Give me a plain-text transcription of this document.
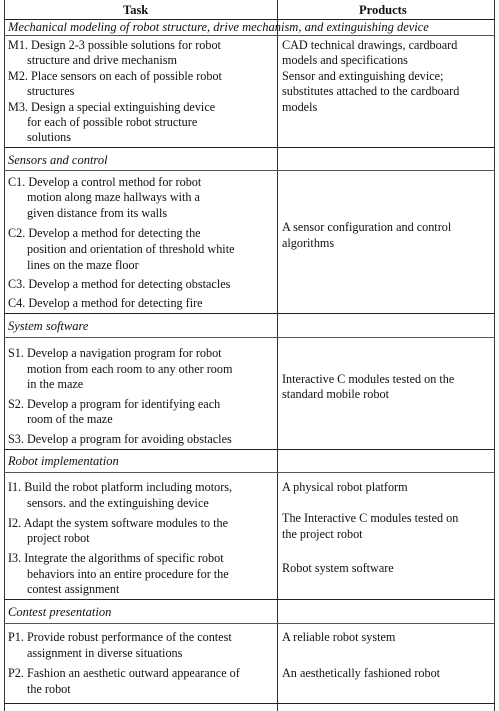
Task	Products
Mechanical modeling of robot structure, drive mechanism, and extinguishing device
M1. Design 2-3 possible solutions for robot
structure and drive mechanism
M2. Place sensors on each of possible robot
structures
M3. Design a special extinguishing device
for each of possible robot structure
solutions
CAD technical drawings, cardboard
models and specifications
Sensor and extinguishing device;
substitutes attached to the cardboard
models
Sensors and control
C1. Develop a control method for robot
motion along maze hallways with a
given distance from its walls
C2. Develop a method for detecting the
position and orientation of threshold white
lines on the maze floor
C3. Develop a method for detecting obstacles
C4. Develop a method for detecting fire
A sensor configuration and control
algorithms
System software
S1. Develop a navigation program for robot
motion from each room to any other room
in the maze
S2. Develop a program for identifying each
room of the maze
S3. Develop a program for avoiding obstacles
Interactive C modules tested on the
standard mobile robot
Robot implementation
I1. Build the robot platform including motors,
sensors. and the extinguishing device
I2. Adapt the system software modules to the
project robot
I3. Integrate the algorithms of specific robot
behaviors into an entire procedure for the
contest assignment
A physical robot platform
The Interactive C modules tested on
the project robot
Robot system software
Contest presentation
P1. Provide robust performance of the contest
assignment in diverse situations
P2. Fashion an aesthetic outward appearance of
the robot
A reliable robot system
An aesthetically fashioned robot
